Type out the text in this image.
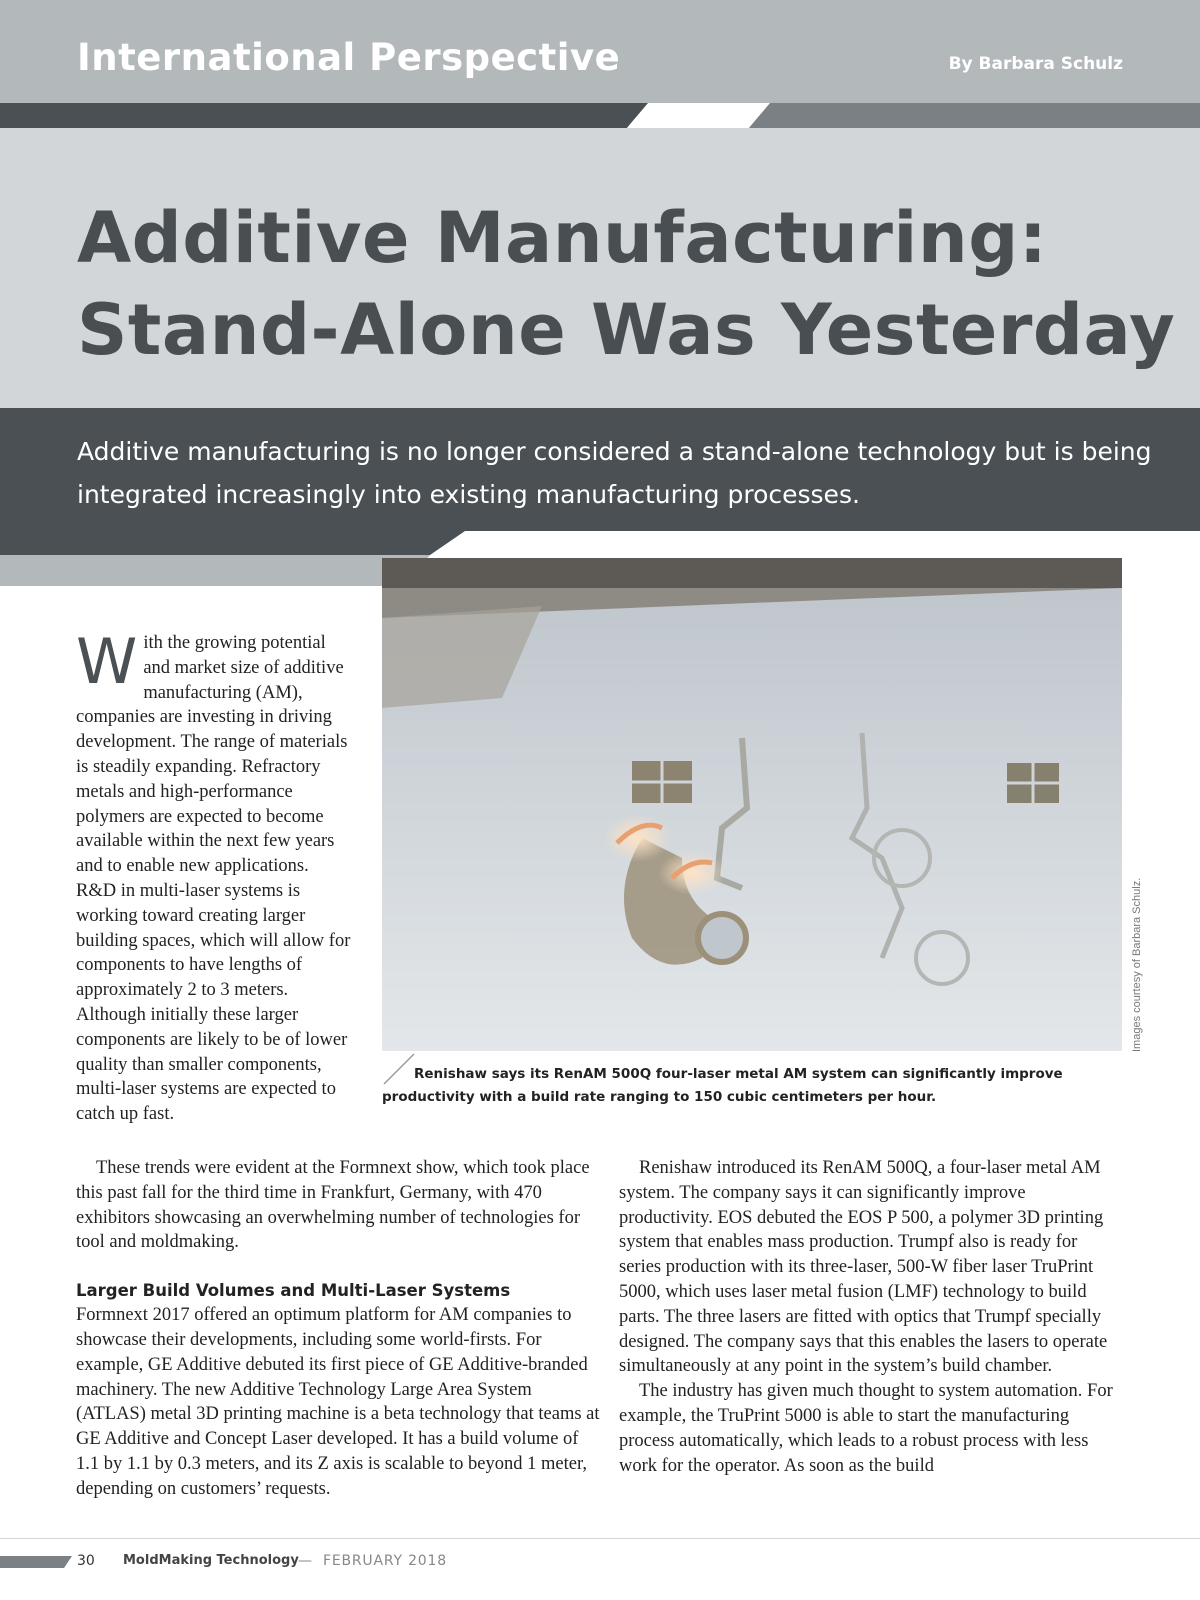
International Perspective	By Barbara Schulz
Additive Manufacturing:
Stand-Alone Was Yesterday

Additive manufacturing is no longer considered a stand-alone technology but is being integrated increasingly into existing manufacturing processes.

Images courtesy of Barbara Schulz.

Renishaw says its RenAM 500Q four-laser metal AM system can significantly improve productivity with a build rate ranging to 150 cubic centimeters per hour.

W ith the growing potential and market size of additive manufacturing (AM), companies are investing in driving development. The range of materials is steadily expanding. Refractory metals and high-performance polymers are expected to become available within the next few years and to enable new applications. R&D in multi-laser systems is working toward creating larger building spaces, which will allow for components to have lengths of approximately 2 to 3 meters. Although initially these larger components are likely to be of lower quality than smaller components, multi-laser systems are expected to catch up fast.

These trends were evident at the Formnext show, which took place this past fall for the third time in Frankfurt, Germany, with 470 exhibitors showcasing an overwhelming number of technologies for tool and moldmaking.

Larger Build Volumes and Multi-Laser Systems

Formnext 2017 offered an optimum platform for AM companies to showcase their developments, including some world-firsts. For example, GE Additive debuted its first piece of GE Additive-branded machinery. The new Additive Technology Large Area System (ATLAS) metal 3D printing machine is a beta technology that teams at GE Additive and Concept Laser developed. It has a build volume of 1.1 by 1.1 by 0.3 meters, and its Z axis is scalable to beyond 1 meter, depending on customers’ requests.

Renishaw introduced its RenAM 500Q, a four-laser metal AM system. The company says it can significantly improve productivity. EOS debuted the EOS P 500, a polymer 3D printing system that enables mass production. Trumpf also is ready for series production with its three-laser, 500-W fiber laser TruPrint 5000, which uses laser metal fusion (LMF) technology to build parts. The three lasers are fitted with optics that Trumpf specially designed. The company says that this enables the lasers to operate simultaneously at any point in the system’s build chamber.

The industry has given much thought to system automation. For example, the TruPrint 5000 is able to start the manufacturing process automatically, which leads to a robust process with less work for the operator. As soon as the build

30 MoldMaking Technology — FEBRUARY 2018
